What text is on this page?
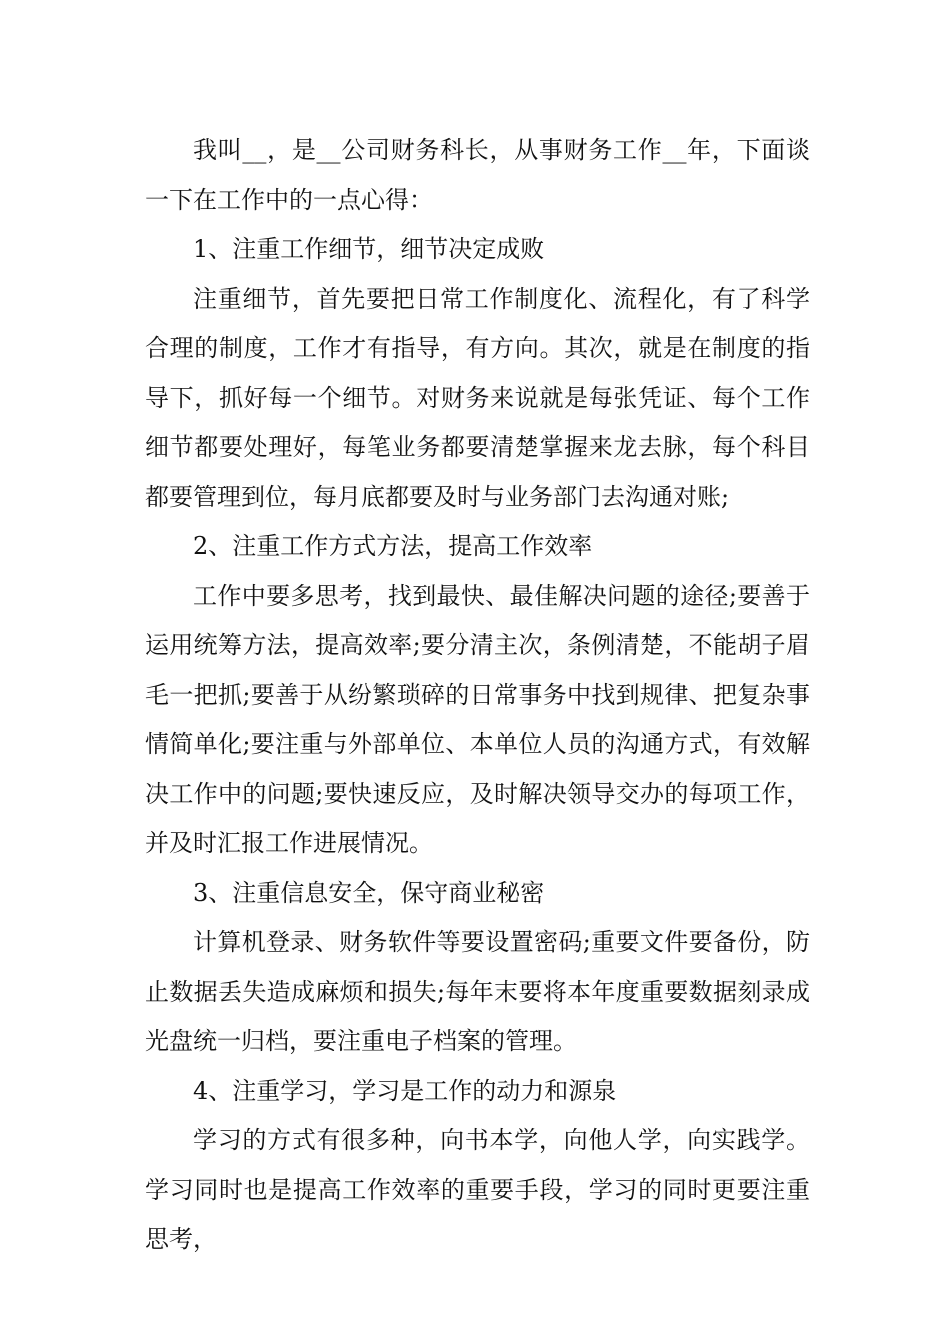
我叫__，是__公司财务科长，从事财务工作__年，下面谈一下在工作中的一点心得：

1、注重工作细节，细节决定成败

注重细节，首先要把日常工作制度化、流程化，有了科学合理的制度，工作才有指导，有方向。其次，就是在制度的指导下，抓好每一个细节。对财务来说就是每张凭证、每个工作细节都要处理好，每笔业务都要清楚掌握来龙去脉，每个科目都要管理到位，每月底都要及时与业务部门去沟通对账;

2、注重工作方式方法，提高工作效率

工作中要多思考，找到最快、最佳解决问题的途径;要善于运用统筹方法，提高效率;要分清主次，条例清楚，不能胡子眉毛一把抓;要善于从纷繁琐碎的日常事务中找到规律、把复杂事情简单化;要注重与外部单位、本单位人员的沟通方式，有效解决工作中的问题;要快速反应，及时解决领导交办的每项工作，并及时汇报工作进展情况。

3、注重信息安全，保守商业秘密

计算机登录、财务软件等要设置密码;重要文件要备份，防止数据丢失造成麻烦和损失;每年末要将本年度重要数据刻录成光盘统一归档，要注重电子档案的管理。

4、注重学习，学习是工作的动力和源泉

学习的方式有很多种，向书本学，向他人学，向实践学。学习同时也是提高工作效率的重要手段，学习的同时更要注重思考，
